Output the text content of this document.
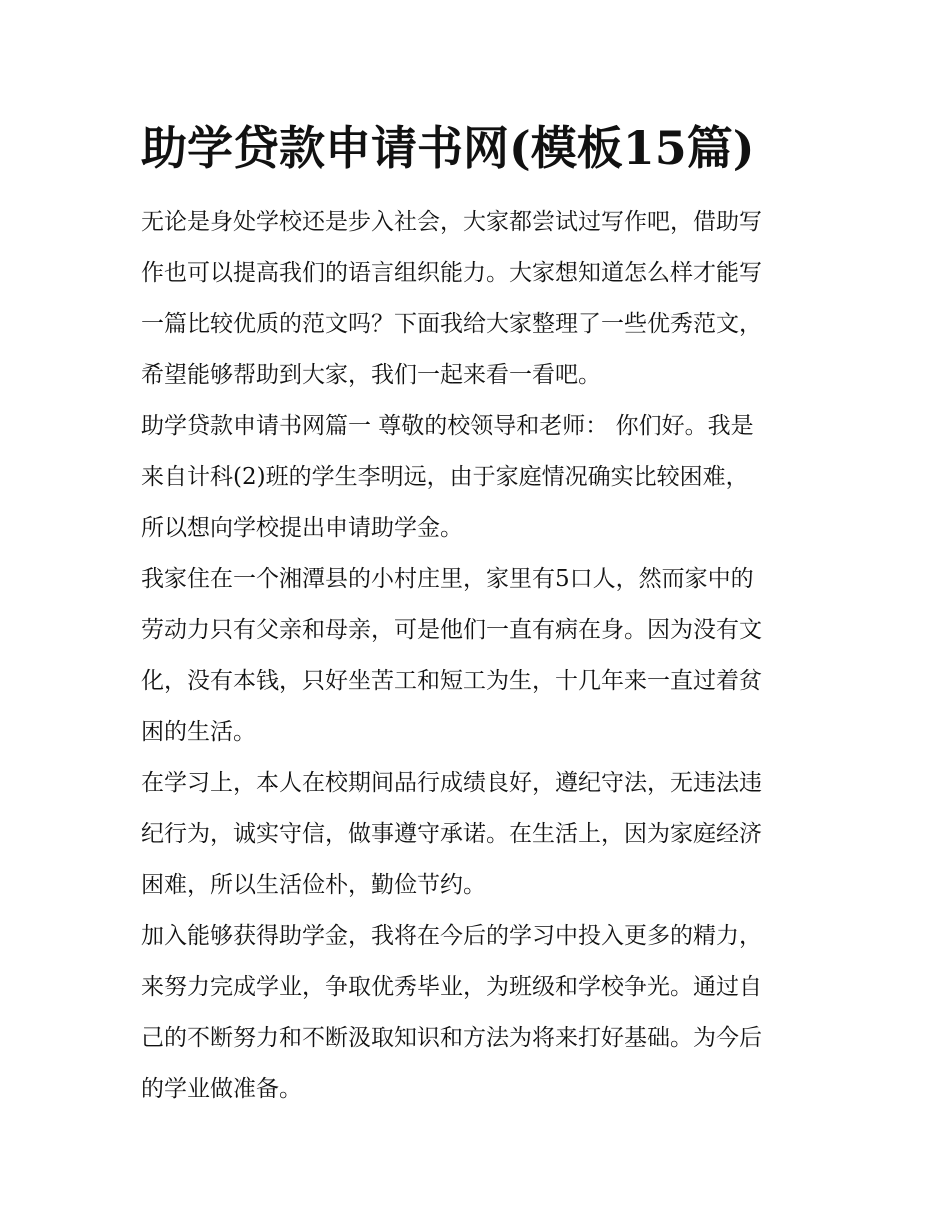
助学贷款申请书网(模板15篇)

无论是身处学校还是步入社会，大家都尝试过写作吧，借助写
作也可以提高我们的语言组织能力。大家想知道怎么样才能写
一篇比较优质的范文吗？下面我给大家整理了一些优秀范文，
希望能够帮助到大家，我们一起来看一看吧。

助学贷款申请书网篇一 尊敬的校领导和老师： 你们好。我是
来自计科(2)班的学生李明远，由于家庭情况确实比较困难，
所以想向学校提出申请助学金。

我家住在一个湘潭县的小村庄里，家里有5口人，然而家中的
劳动力只有父亲和母亲，可是他们一直有病在身。因为没有文
化，没有本钱，只好坐苦工和短工为生，十几年来一直过着贫
困的生活。

在学习上，本人在校期间品行成绩良好，遵纪守法，无违法违
纪行为，诚实守信，做事遵守承诺。在生活上，因为家庭经济
困难，所以生活俭朴，勤俭节约。

加入能够获得助学金，我将在今后的学习中投入更多的精力，
来努力完成学业，争取优秀毕业，为班级和学校争光。通过自
己的不断努力和不断汲取知识和方法为将来打好基础。为今后
的学业做准备。
